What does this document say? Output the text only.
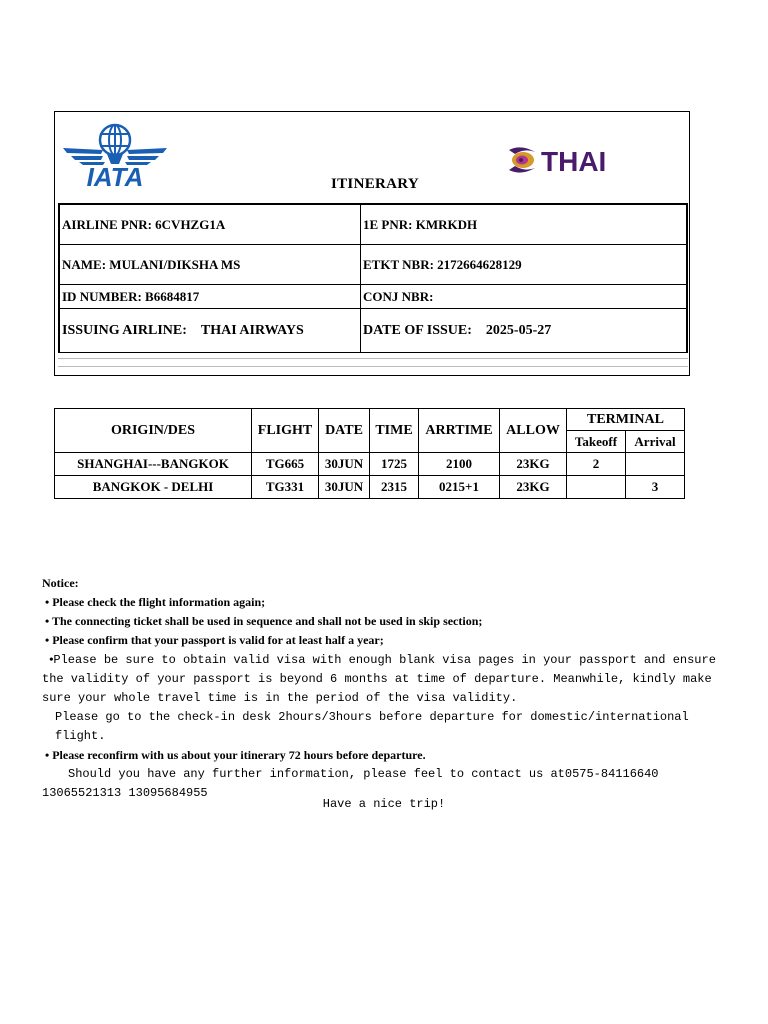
IATA	THAI
ITINERARY
AIRLINE PNR: 6CVHZG1A	1E PNR: KMRKDH
NAME: MULANI/DIKSHA MS	ETKT NBR: 2172664628129
ID NUMBER: B6684817	CONJ NBR:
ISSUING AIRLINE: THAI AIRWAYS	DATE OF ISSUE: 2025-05-27
ORIGIN/DES	FLIGHT	DATE	TIME	ARRTIME	ALLOW	TERMINAL	
						Takeoff	Arrival
SHANGHAI---BANGKOK	TG665	30JUN	1725	2100	23KG	2	
BANGKOK - DELHI	TG331	30JUN	2315	0215+1	23KG		3
Notice:
• Please check the flight information again;
• The connecting ticket shall be used in sequence and shall not be used in skip section;
• Please confirm that your passport is valid for at least half a year;
•Please be sure to obtain valid visa with enough blank visa pages in your passport and ensure the validity of your passport is beyond 6 months at time of departure. Meanwhile, kindly make sure your whole travel time is in the period of the visa validity.
Please go to the check-in desk 2hours/3hours before departure for domestic/international flight.
• Please reconfirm with us about your itinerary 72 hours before departure.
Should you have any further information, please feel to contact us at0575-84116640 13065521313 13095684955
Have a nice trip!
